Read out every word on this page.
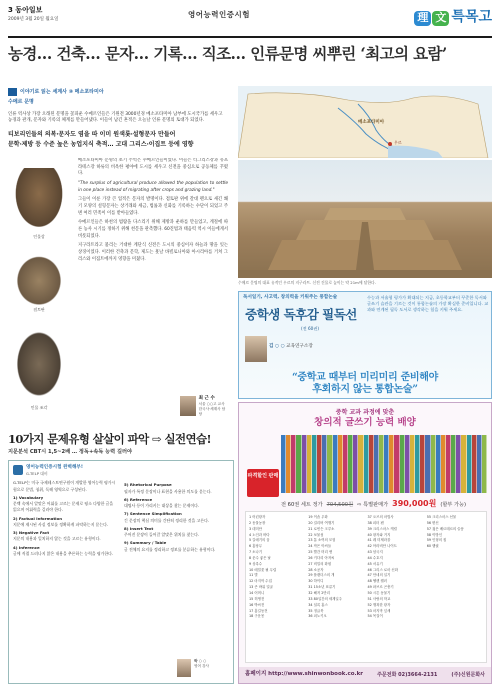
3 동아일보
2009년 3월 20일 월요일
영어능력인증시험	理 文 특목고
농경… 건축… 문자… 기록… 직조… 인류문명 씨뿌린 ‘최고의 요람’
이야기로 읽는 세계사 ⑩ 메소포타미아
수메르 문명
인류 역사상 가장 오래된 문명을 꽃피운 수메르인들은 기원전 3000년경 메소포타미아 남부에 도시국가를 세우고 농경과 관개, 문자와 기록의 체계를 만들어냈다. 이들이 남긴 흔적은 오늘날 인류 문명의 토대가 되었다.
티보리인들의 의복‧문자도 염을 따 이미 원색롯‧설형문자 만들어
문학‧제방 등 수준 높은 농업지식 축적… 고대 그리스‧이집트 등에 영향
인물상
점토판
인물 조각

메소포타미아 문명의 초기 주역은 수메르인들이었다. 이들은 티그리스강과 유프라테스강 하류의 비옥한 평야에 도시를 세우고 신전을 중심으로 공동체를 꾸렸다.

"The surplus of agricultural produce allowed the population to settle in one place instead of migrating after crops and grazing land."

그들이 이룬 가장 큰 업적은 문자의 발명이다. 점토판 위에 갈대 펜으로 새긴 쐐기 모양의 설형문자는 상거래와 세금, 법률과 신화를 기록하는 수단이 되었고 주변 여러 민족이 이를 받아들였다.

수메르인들은 하천의 범람을 다스리기 위해 제방과 운하를 만들었고, 계절에 따른 농사 시기를 정하기 위해 천문을 관측했다. 60진법과 태음력 역시 이들에게서 비롯되었다.

지구라트라고 불리는 거대한 계단식 신전은 도시의 중심이자 하늘과 땅을 잇는 상징이었다. 이러한 건축과 문학, 제도는 훗날 바빌로니아와 아시리아를 거쳐 그리스와 이집트에까지 영향을 미쳤다.

최 근 수
서울 ○○고 교사
한국사‧세계사 담당
메소포타미아
우르
수메르 문명의 대표 유적인 우르의 지구라트. 신전 건물로 높이는 약 21m에 달한다.
독서일기, 사고력, 창의력을 키워주는 통합논술
중학생 독후감 필독선
(전 60권)
김 ○ ○ 교육연구소장
수능과 서술형 평가가 확대되는 지금, 초등학교부터 꾸준한 독서와 글쓰기 습관을 기르는 것이 통합논술의 가장 확실한 준비입니다. 교과와 연계된 필독 도서로 생각하는 힘을 키워 주세요.
“중학교 때부터 미리미리 준비해야
후회하지 않는 통합논술”
10가지 문제유형 살살이 파악 ⇨ 실전연습!
지문분석 CBT시 1,5~2배 … 정독+속독 능력 길러야
영어능력인증시험 완벽해부!
G-TELP 대비
G-TELP는 미국 국제테스트연구원이 개발한 영어능력 평가시험으로 문법, 청취, 독해 영역으로 구성된다.
1) Vocabulary
문맥 속에서 알맞은 어휘를 고르는 문제로 평소 다양한 글을 읽으며 어휘력을 길러야 한다.
2) Factual Information
지문에 제시된 사실 정보를 정확하게 파악하는지 묻는다.
3) Negative Fact
지문의 내용과 일치하지 않는 것을 고르는 유형이다.
4) Inference
글에 직접 드러나지 않은 내용을 추론하는 능력을 평가한다.
5) Rhetorical Purpose
필자가 특정 문장이나 표현을 사용한 의도를 묻는다.
6) Reference
대명사 등이 가리키는 대상을 찾는 문제이다.
7) Sentence Simplification
긴 문장의 핵심 의미를 간단히 정리한 것을 고른다.
8) Insert Text
주어진 문장이 들어갈 알맞은 위치를 찾는다.
9) Summary / Table
글 전체의 요지를 정리하고 정보를 분류하는 유형이다.
박 ○ ○
영어 강사
중학 교과 과정에 맞춘
창의적 글쓰기 능력 배양
파격할인 판매
전 60권 세트 정가 704,500원 ⇨ 특별판매가 390,000원 (할부 가능)
1 어린왕자
2 동물농장
3 데미안
4 노인과 바다
5 갈매기의 꿈
6 홍당무
7 소나기
8 운수 좋은 날
9 상록수
10 메밀꽃 필 무렵
11 별
12 마지막 수업
13 큰 바위 얼굴
14 어머니
15 허생전
16 박씨전
17 홍길동전
18 구운몽
19 이솝 우화
20 걸리버 여행기
21 로빈슨 크루소
22 보물섬
23 톰 소여의 모험
24 작은 아씨들
25 빨간 머리 앤
26 키다리 아저씨
27 비밀의 화원
28 소공자
29 플랜더스의 개
30 하이디
31 15소년 표류기
32 해저 2만리
33 80일간의 세계일주
34 셜록 홈스
35 정글북
36 피노키오
37 오즈의 마법사
38 피터 팬
39 크리스마스 캐럴
40 왕자와 거지
41 레 미제라블
42 아라비안 나이트
43 삼국지
44 수호지
45 서유기
46 그리스 로마 신화
47 안네의 일기
48 헬렌 켈러
49 파브르 곤충기
50 시튼 동물기
51 사랑의 학교
52 행복한 왕자
53 마지막 잎새
54 목걸이
55 크리스마스 선물
56 변신
57 젊은 베르테르의 슬픔
58 이방인
59 인형의 집
60 햄릿

홈페이지 http://www.shinwonbook.co.kr	주문전화 02)3664-2131	(주)신원문화사
